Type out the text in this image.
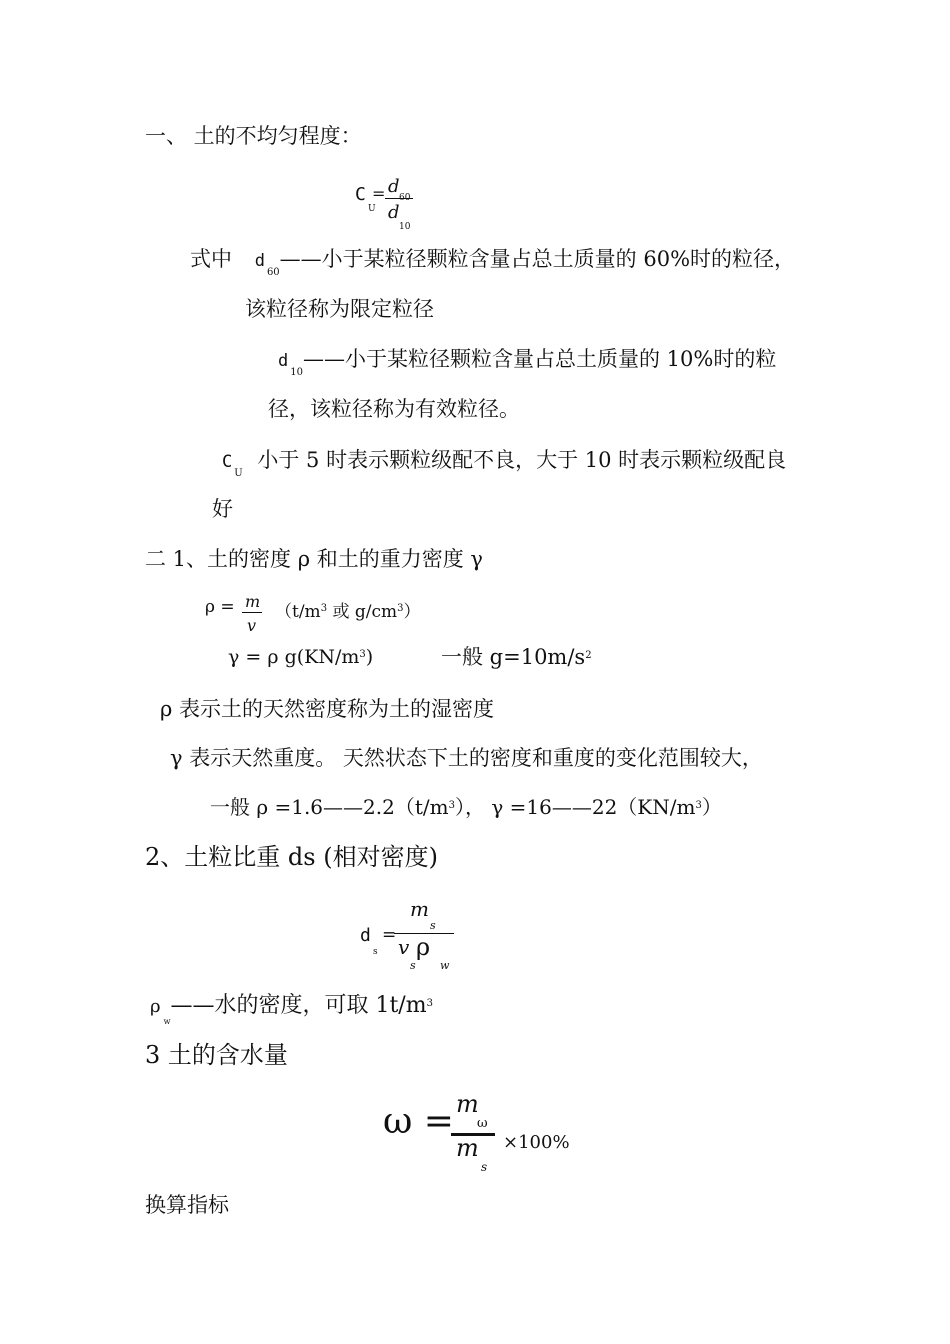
一、 土的不均匀程度：
C
U
= d
60
d
10
式中 $d_{60}——$小于某粒径颗粒含量占总土质量的 60%时的粒径，
该粒径称为限定粒径
$d_{10}——$小于某粒径颗粒含量占总土质量的 10%时的粒
径，该粒径称为有效粒径。
$C_U$ 小于 5 时表示颗粒级配不良，大于 10 时表示颗粒级配良
好
二 1、土的密度 ρ 和土的重力密度 γ
ρ = m
v
（$t/m^3$ 或 $g/cm^3$）
γ = ρ $g(KN/m^3)$	一般 $g=10m/s^2$
ρ 表示土的天然密度称为土的湿密度
γ 表示天然重度。 天然状态下土的密度和重度的变化范围较大，
一般 $\rho =1.6——2.2(t/m^3)$， $\gamma =16——22(KN/m^3)$
2、土粒比重 ds (相对密度)
d
s
=
m
s
v
s
ρ
w
$\rho_w——$水的密度，可取 $1t/m^3$
3 土的含水量
ω = m
ω
m
s
×100%
换算指标
